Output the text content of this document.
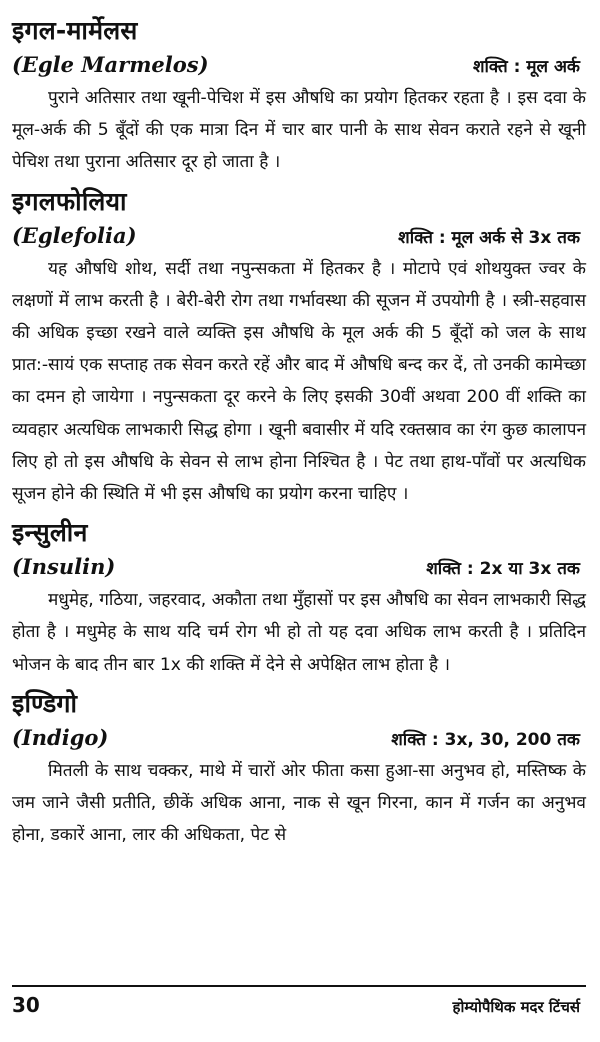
इगल-मार्मेलस
(Egle Marmelos)	शक्ति : मूल अर्क

पुराने अतिसार तथा खूनी-पेचिश में इस औषधि का प्रयोग हितकर रहता है । इस दवा के मूल-अर्क की 5 बूँदों की एक मात्रा दिन में चार बार पानी के साथ सेवन कराते रहने से खूनी पेचिश तथा पुराना अतिसार दूर हो जाता है ।

इगलफोलिया
(Eglefolia)	शक्ति : मूल अर्क से 3x तक

यह औषधि शोथ, सर्दी तथा नपुन्सकता में हितकर है । मोटापे एवं शोथयुक्त ज्वर के लक्षणों में लाभ करती है । बेरी-बेरी रोग तथा गर्भावस्था की सूजन में उपयोगी है । स्त्री-सहवास की अधिक इच्छा रखने वाले व्यक्ति इस औषधि के मूल अर्क की 5 बूँदों को जल के साथ प्रात:-सायं एक सप्ताह तक सेवन करते रहें और बाद में औषधि बन्द कर दें, तो उनकी कामेच्छा का दमन हो जायेगा । नपुन्सकता दूर करने के लिए इसकी 30वीं अथवा 200 वीं शक्ति का व्यवहार अत्यधिक लाभकारी सिद्ध होगा । खूनी बवासीर में यदि रक्तस्राव का रंग कुछ कालापन लिए हो तो इस औषधि के सेवन से लाभ होना निश्चित है । पेट तथा हाथ-पाँवों पर अत्यधिक सूजन होने की स्थिति में भी इस औषधि का प्रयोग करना चाहिए ।

इन्सुलीन
(Insulin)	शक्ति : 2x या 3x तक

मधुमेह, गठिया, जहरवाद, अकौता तथा मुँहासों पर इस औषधि का सेवन लाभकारी सिद्ध होता है । मधुमेह के साथ यदि चर्म रोग भी हो तो यह दवा अधिक लाभ करती है । प्रतिदिन भोजन के बाद तीन बार 1x की शक्ति में देने से अपेक्षित लाभ होता है ।

इण्डिगो
(Indigo)	शक्ति : 3x, 30, 200 तक

मितली के साथ चक्कर, माथे में चारों ओर फीता कसा हुआ-सा अनुभव हो, मस्तिष्क के जम जाने जैसी प्रतीति, छीकें अधिक आना, नाक से खून गिरना, कान में गर्जन का अनुभव होना, डकारें आना, लार की अधिकता, पेट से

30	होम्योपैथिक मदर टिंचर्स
